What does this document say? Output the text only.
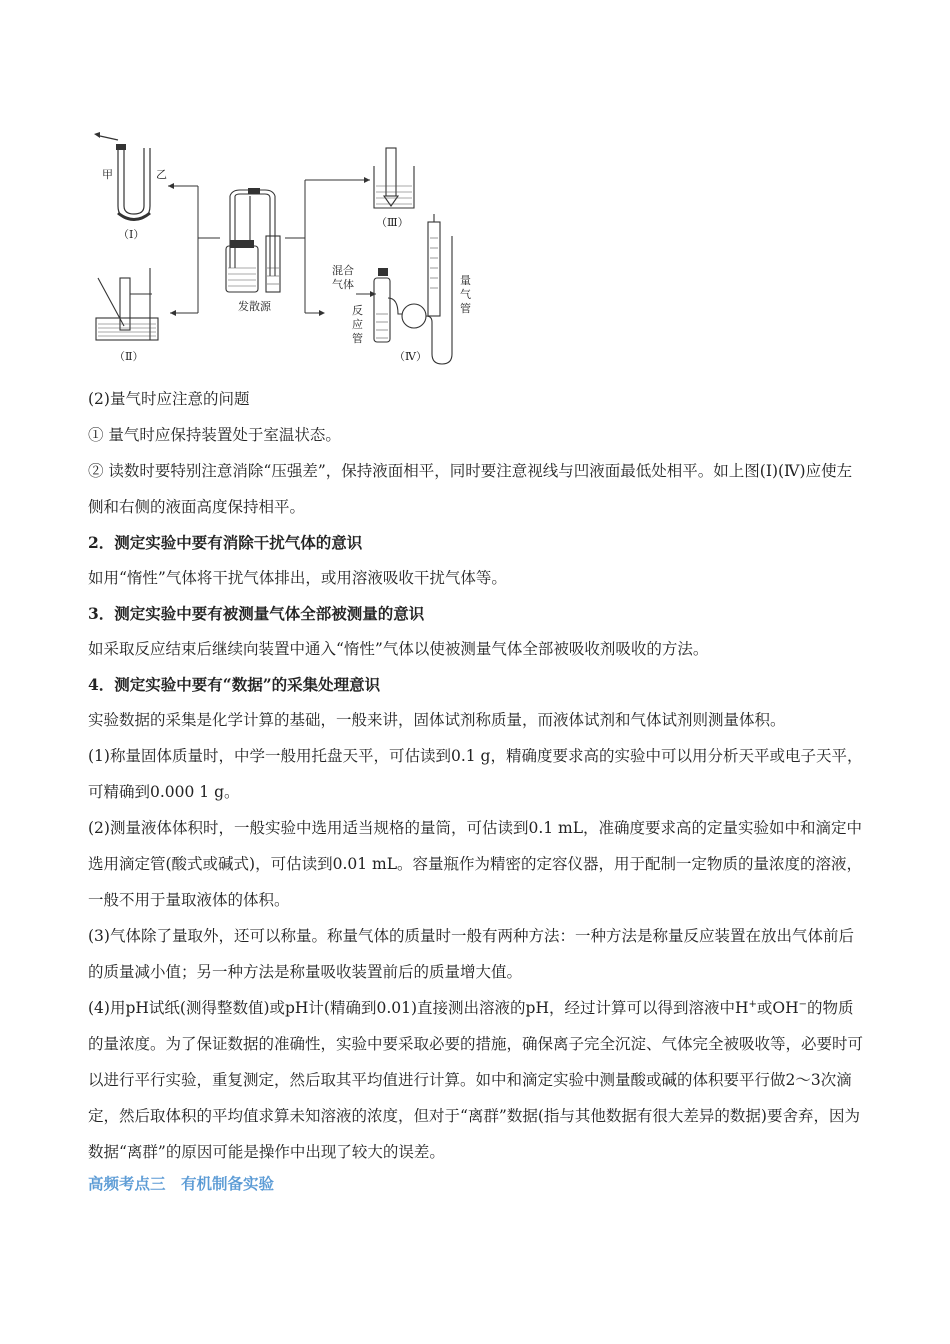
甲	乙
（Ⅰ）
（Ⅱ）
发散源
（Ⅲ）
混合
气体
反
应
管
量
气
管
（Ⅳ）

(2)量气时应注意的问题

① 量气时应保持装置处于室温状态。

② 读数时要特别注意消除“压强差”，保持液面相平，同时要注意视线与凹液面最低处相平。如上图(Ⅰ)(Ⅳ)应使左侧和右侧的液面高度保持相平。

2．测定实验中要有消除干扰气体的意识

如用“惰性”气体将干扰气体排出，或用溶液吸收干扰气体等。

3．测定实验中要有被测量气体全部被测量的意识

如采取反应结束后继续向装置中通入“惰性”气体以使被测量气体全部被吸收剂吸收的方法。

4．测定实验中要有“数据”的采集处理意识

实验数据的采集是化学计算的基础，一般来讲，固体试剂称质量，而液体试剂和气体试剂则测量体积。

(1)称量固体质量时，中学一般用托盘天平，可估读到0.1 g，精确度要求高的实验中可以用分析天平或电子天平，可精确到0.000 1 g。

(2)测量液体体积时，一般实验中选用适当规格的量筒，可估读到0.1 mL，准确度要求高的定量实验如中和滴定中选用滴定管(酸式或碱式)，可估读到0.01 mL。容量瓶作为精密的定容仪器，用于配制一定物质的量浓度的溶液，一般不用于量取液体的体积。

(3)气体除了量取外，还可以称量。称量气体的质量时一般有两种方法：一种方法是称量反应装置在放出气体前后的质量减小值；另一种方法是称量吸收装置前后的质量增大值。

(4)用pH试纸(测得整数值)或pH计(精确到0.01)直接测出溶液的pH，经过计算可以得到溶液中H+或OH−的物质的量浓度。为了保证数据的准确性，实验中要采取必要的措施，确保离子完全沉淀、气体完全被吸收等，必要时可以进行平行实验，重复测定，然后取其平均值进行计算。如中和滴定实验中测量酸或碱的体积要平行做2～3次滴定，然后取体积的平均值求算未知溶液的浓度，但对于“离群”数据(指与其他数据有很大差异的数据)要舍弃，因为数据“离群”的原因可能是操作中出现了较大的误差。

高频考点三　有机制备实验
